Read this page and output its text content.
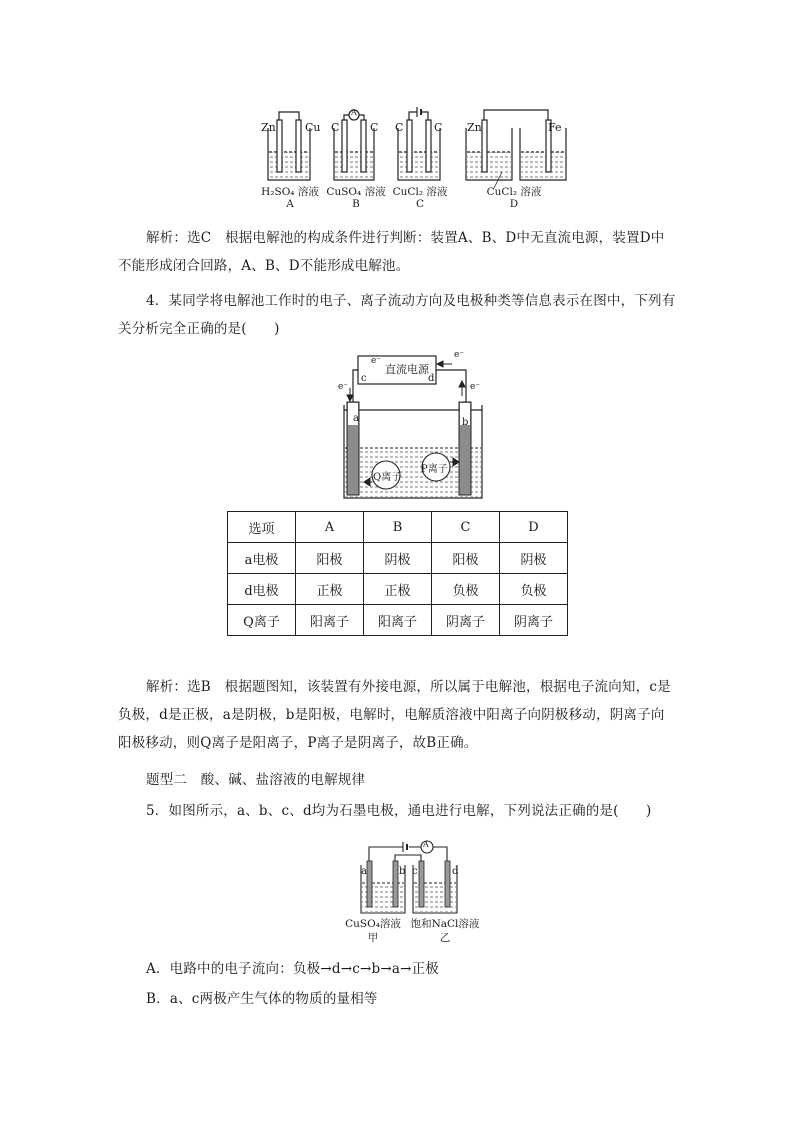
Zn	Cu
A
C	C C	C Zn	Fe
H₂SO₄ 溶液
A
CuSO₄ 溶液
B
CuCl₂ 溶液
C
CuCl₂ 溶液
D
解析：选C　根据电解池的构成条件进行判断：装置A、B、D中无直流电源，装置D中不能形成闭合回路，A、B、D不能形成电解池。
4．某同学将电解池工作时的电子、离子流动方向及电极种类等信息表示在图中，下列有关分析完全正确的是(　　)
直流电源
c	d
e⁻
e⁻
e⁻	e⁻
a	b
Q离子
P离子
选项	A	B	C	D
a电极	阳极	阴极	阳极	阴极
d电极	正极	正极	负极	负极
Q离子	阳离子	阳离子	阴离子	阴离子
解析：选B　根据题图知，该装置有外接电源，所以属于电解池，根据电子流向知，c是负极，d是正极，a是阴极，b是阳极，电解时，电解质溶液中阳离子向阴极移动，阴离子向阳极移动，则Q离子是阳离子，P离子是阴离子，故B正确。
题型二　酸、碱、盐溶液的电解规律
5．如图所示，a、b、c、d均为石墨电极，通电进行电解，下列说法正确的是(　　)
A
a	b c	d
CuSO₄溶液 饱和NaCl溶液
甲	乙
A．电路中的电子流向：负极→d→c→b→a→正极
B．a、c两极产生气体的物质的量相等
